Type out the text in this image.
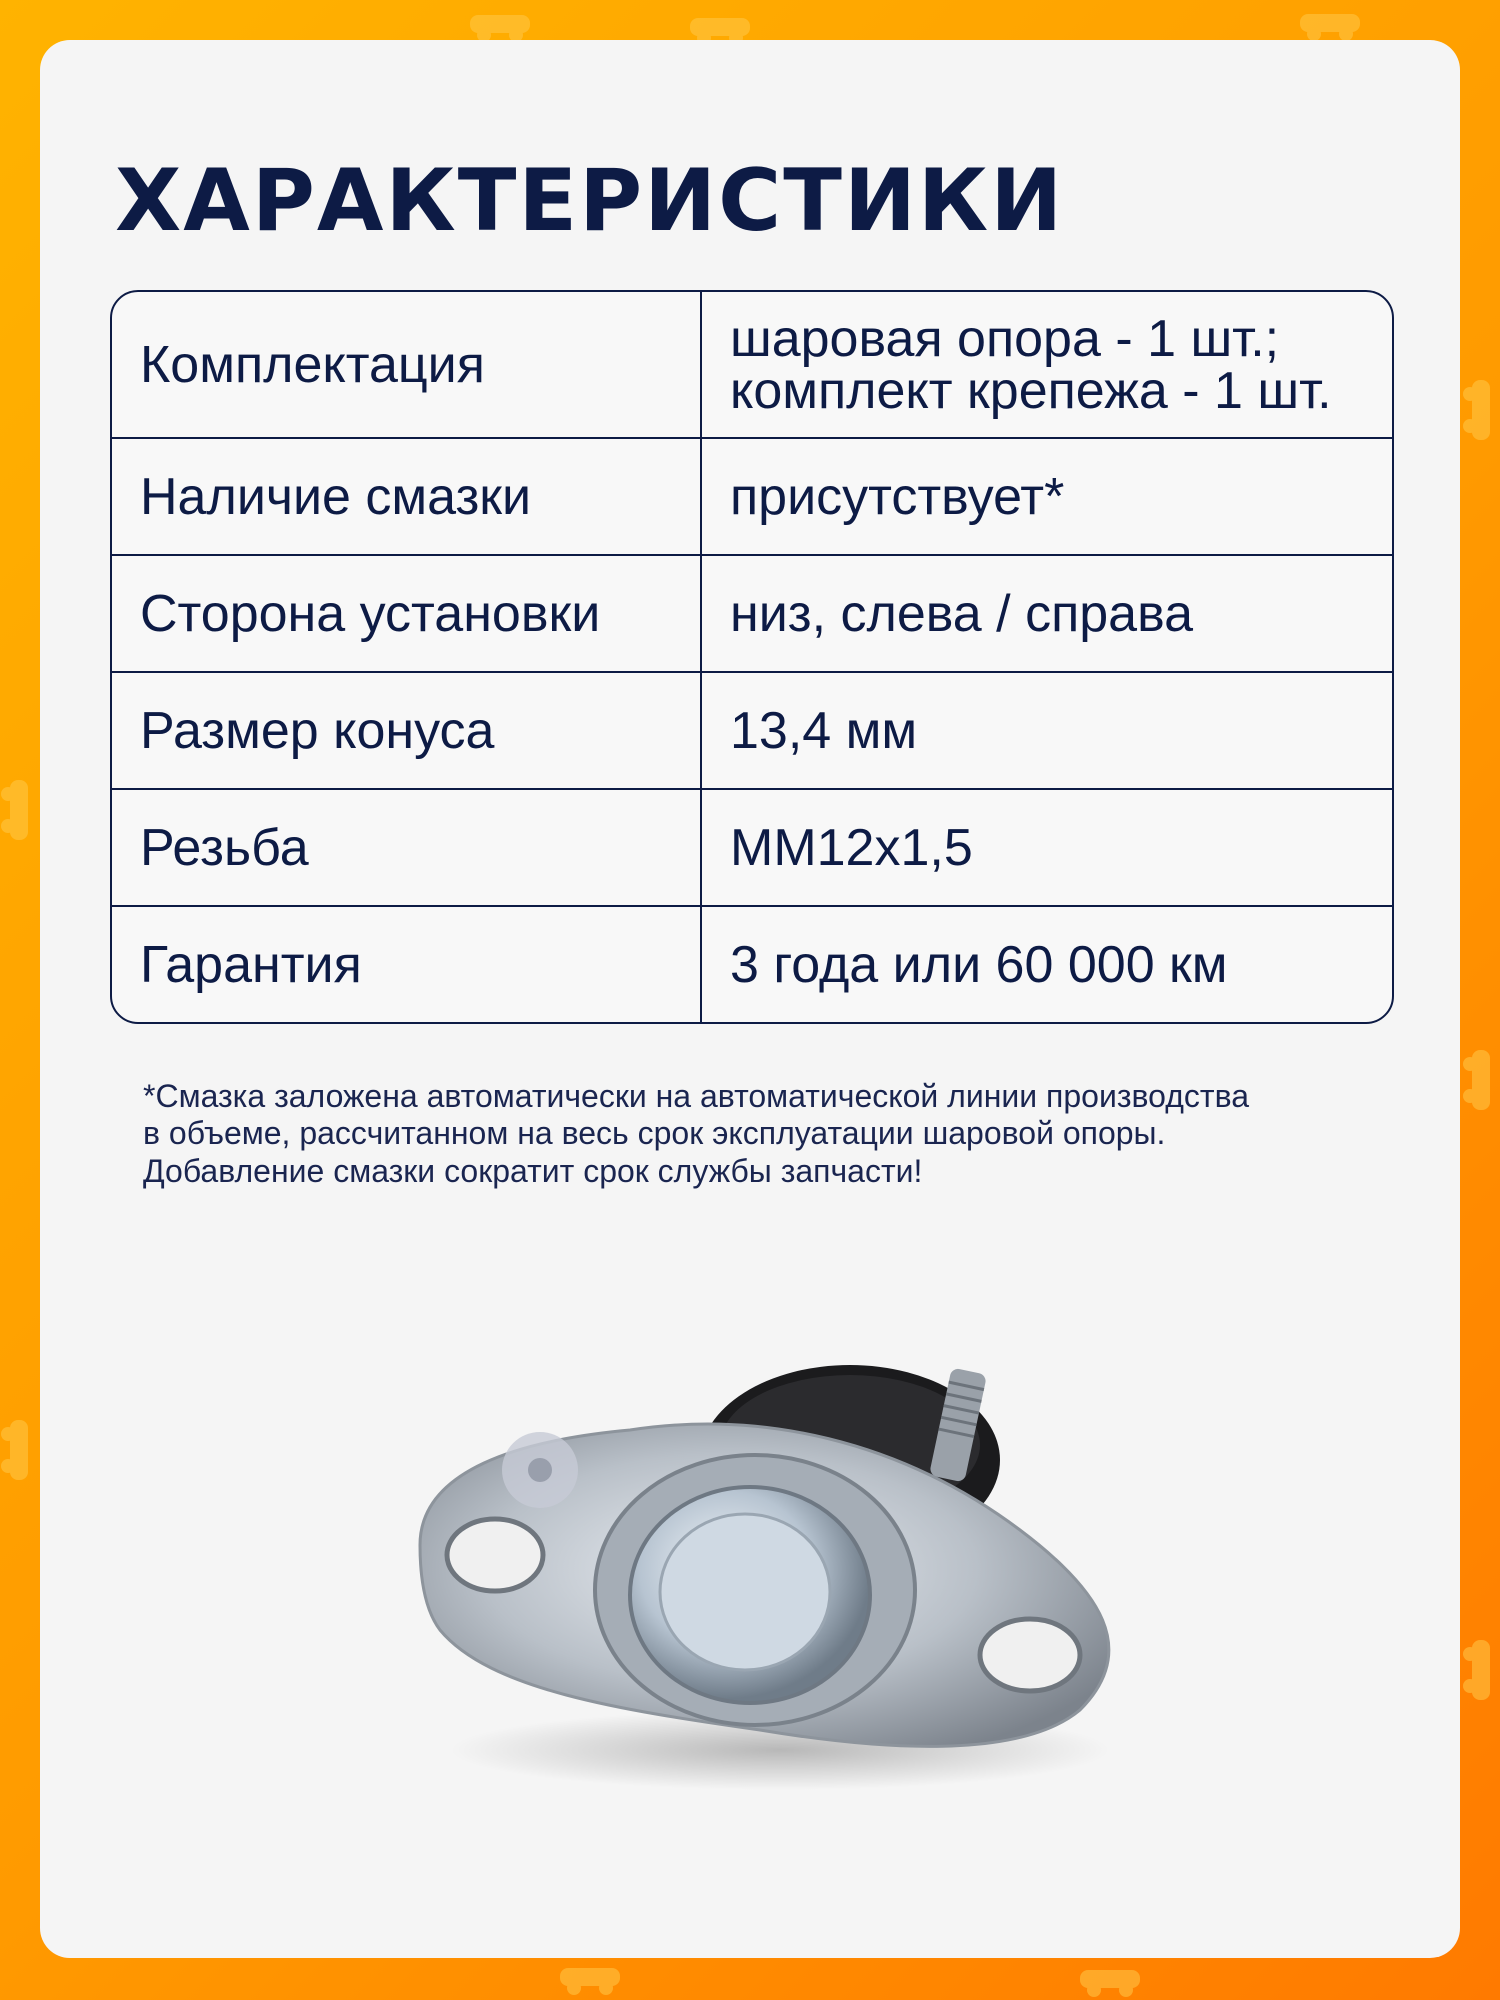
ХАРАКТЕРИСТИКИ
Комплектация	шаровая опора - 1 шт.;
комплект крепежа - 1 шт.
Наличие смазки	присутствует*
Сторона установки	низ, слева / справа
Размер конуса	13,4 мм
Резьба	ММ12х1,5
Гарантия	3 года или 60 000 км

*Смазка заложена автоматически на автоматической линии производства
в объеме, рассчитанном на весь срок эксплуатации шаровой опоры.
Добавление смазки сократит срок службы запчасти!
